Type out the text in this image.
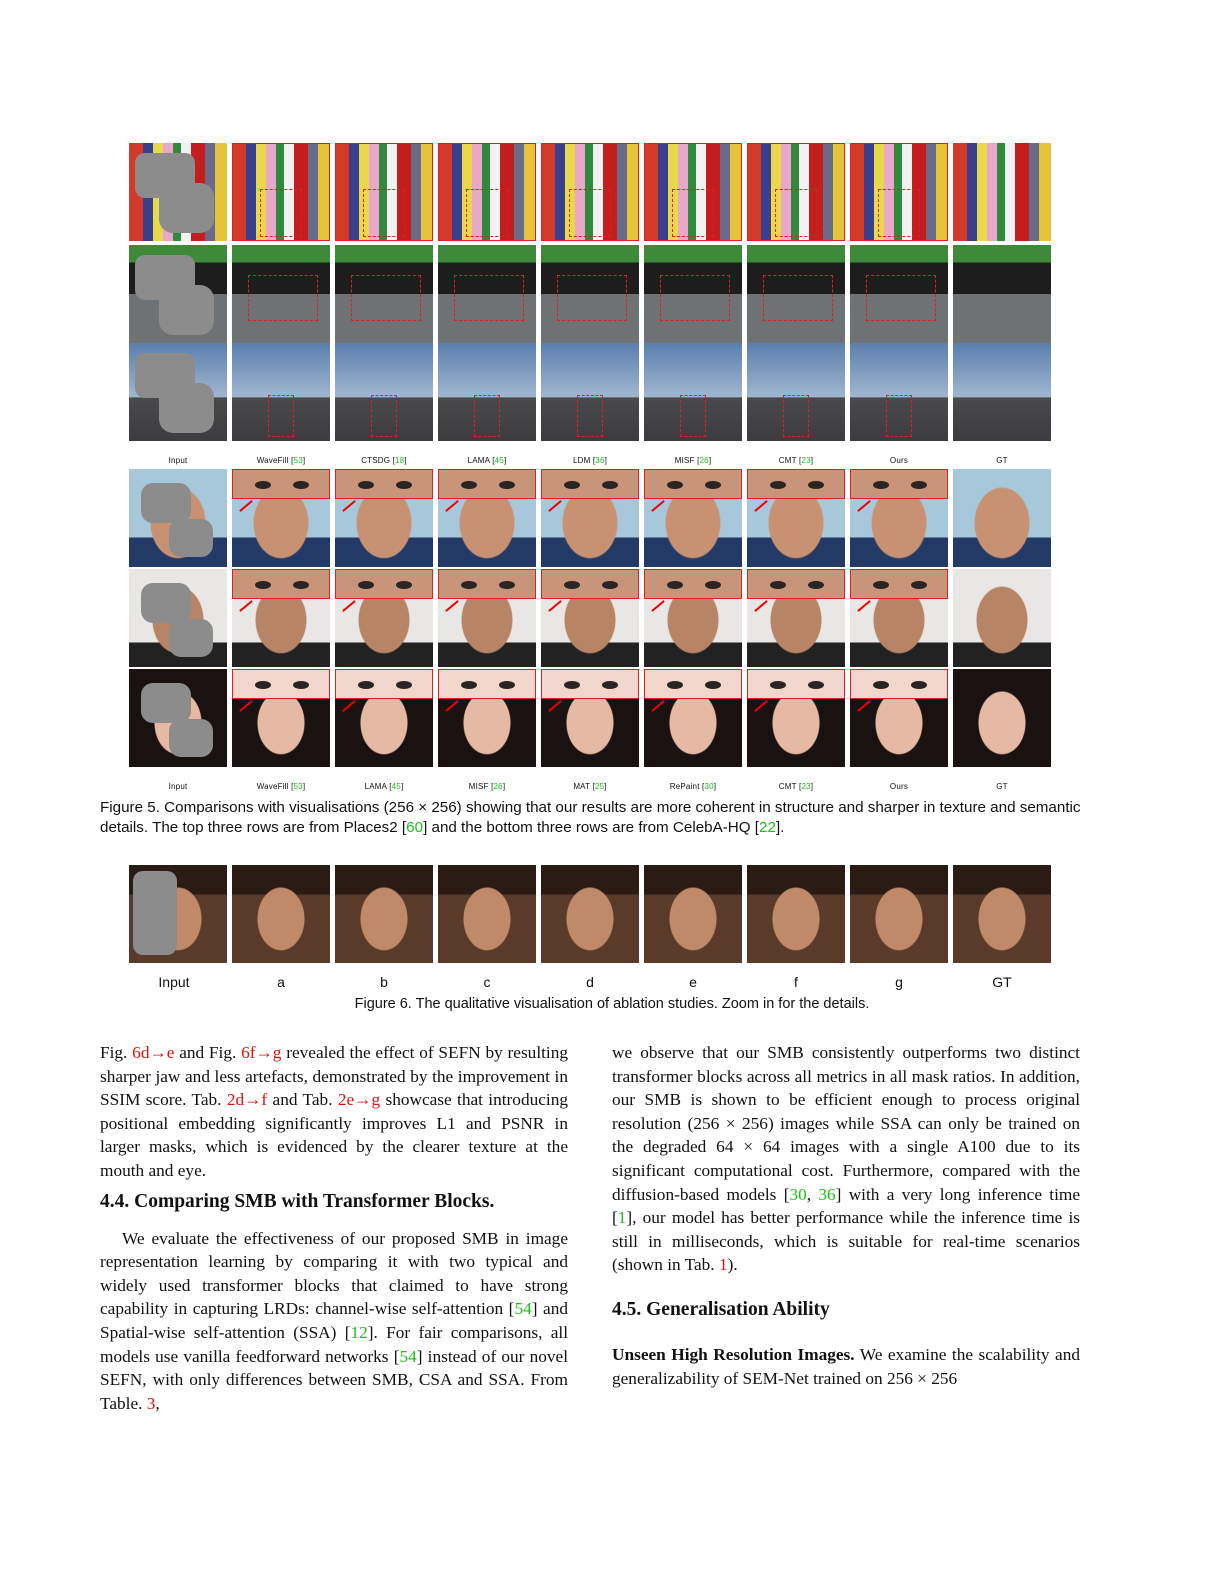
Input	WaveFill [53]	CTSDG [18]	LAMA [45]	LDM [36]	MISF [26]	CMT [23]	Ours	GT
Input	WaveFill [53]	LAMA [45]	MISF [26]	MAT [25]	RePaint [30]	CMT [23]	Ours	GT
Figure 5. Comparisons with visualisations (256 × 256) showing that our results are more coherent in structure and sharper in texture and semantic details. The top three rows are from Places2 [60] and the bottom three rows are from CelebA-HQ [22].
Input	a	b	c	d	e	f	g	GT
Figure 6. The qualitative visualisation of ablation studies. Zoom in for the details.

Fig. 6d→e and Fig. 6f→g revealed the effect of SEFN by resulting sharper jaw and less artefacts, demonstrated by the improvement in SSIM score. Tab. 2d→f and Tab. 2e→g showcase that introducing positional embedding significantly improves L1 and PSNR in larger masks, which is evidenced by the clearer texture at the mouth and eye.

4.4. Comparing SMB with Transformer Blocks.

We evaluate the effectiveness of our proposed SMB in image representation learning by comparing it with two typical and widely used transformer blocks that claimed to have strong capability in capturing LRDs: channel-wise self-attention [54] and Spatial-wise self-attention (SSA) [12]. For fair comparisons, all models use vanilla feedforward networks [54] instead of our novel SEFN, with only differences between SMB, CSA and SSA. From Table. 3,

we observe that our SMB consistently outperforms two distinct transformer blocks across all metrics in all mask ratios. In addition, our SMB is shown to be efficient enough to process original resolution (256 × 256) images while SSA can only be trained on the degraded 64 × 64 images with a single A100 due to its significant computational cost. Furthermore, compared with the diffusion-based models [30, 36] with a very long inference time [1], our model has better performance while the inference time is still in milliseconds, which is suitable for real-time scenarios (shown in Tab. 1).

4.5. Generalisation Ability

Unseen High Resolution Images. We examine the scalability and generalizability of SEM-Net trained on 256 × 256
